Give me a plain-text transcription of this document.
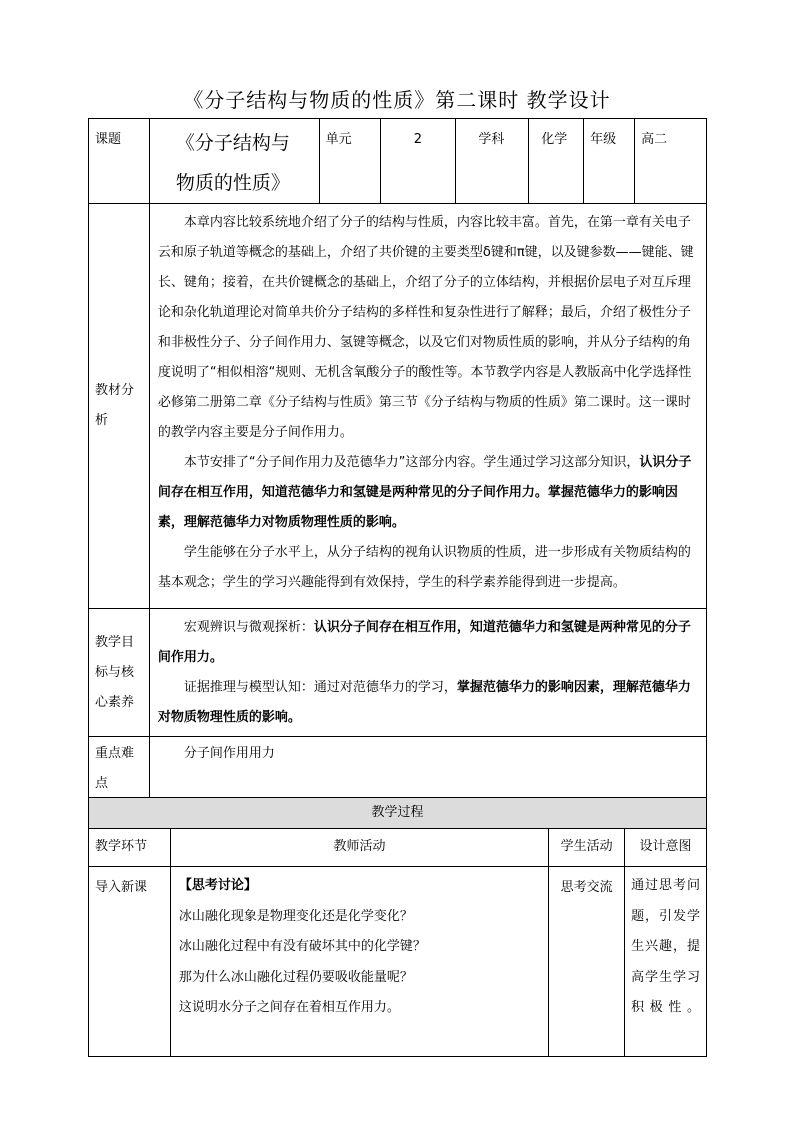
《分子结构与物质的性质》第二课时 教学设计
课题	《分子结构与物质的性质》	单元	2	学科	化学	年级	高二
教材分析	本章内容比较系统地介绍了分子的结构与性质，内容比较丰富。首先，在第一章有关电子云和原子轨道等概念的基础上，介绍了共价键的主要类型δ键和π键，以及键参数——键能、键长、键角；接着，在共价键概念的基础上，介绍了分子的立体结构，并根据价层电子对互斥理论和杂化轨道理论对简单共价分子结构的多样性和复杂性进行了解释；最后，介绍了极性分子和非极性分子、分子间作用力、氢键等概念，以及它们对物质性质的影响，并从分子结构的角度说明了“相似相溶“规则、无机含氧酸分子的酸性等。本节教学内容是人教版高中化学选择性必修第二册第二章《分子结构与性质》第三节《分子结构与物质的性质》第二课时。这一课时的教学内容主要是分子间作用力。

本节安排了“分子间作用力及范德华力”这部分内容。学生通过学习这部分知识，认识分子间存在相互作用，知道范德华力和氢键是两种常见的分子间作用力。掌握范德华力的影响因素，理解范德华力对物质物理性质的影响。

学生能够在分子水平上，从分子结构的视角认识物质的性质，进一步形成有关物质结构的基本观念；学生的学习兴趣能得到有效保持，学生的科学素养能得到进一步提高。						

教学目标与核心素养	宏观辨识与微观探析：认识分子间存在相互作用，知道范德华力和氢键是两种常见的分子间作用力。

证据推理与模型认知：通过对范德华力的学习，掌握范德华力的影响因素，理解范德华力对物质物理性质的影响。						

重点难点	分子间作用用力						

教学过程			
教学环节	教师活动	学生活动	设计意图
导入新课	【思考讨论】

冰山融化现象是物理变化还是化学变化？

冰山融化过程中有没有破坏其中的化学键？

那为什么冰山融化过程仍要吸收能量呢？

这说明水分子之间存在着相互作用力。	思考交流	通过思考问题，引发学生兴趣，提高学生学习积极性。
